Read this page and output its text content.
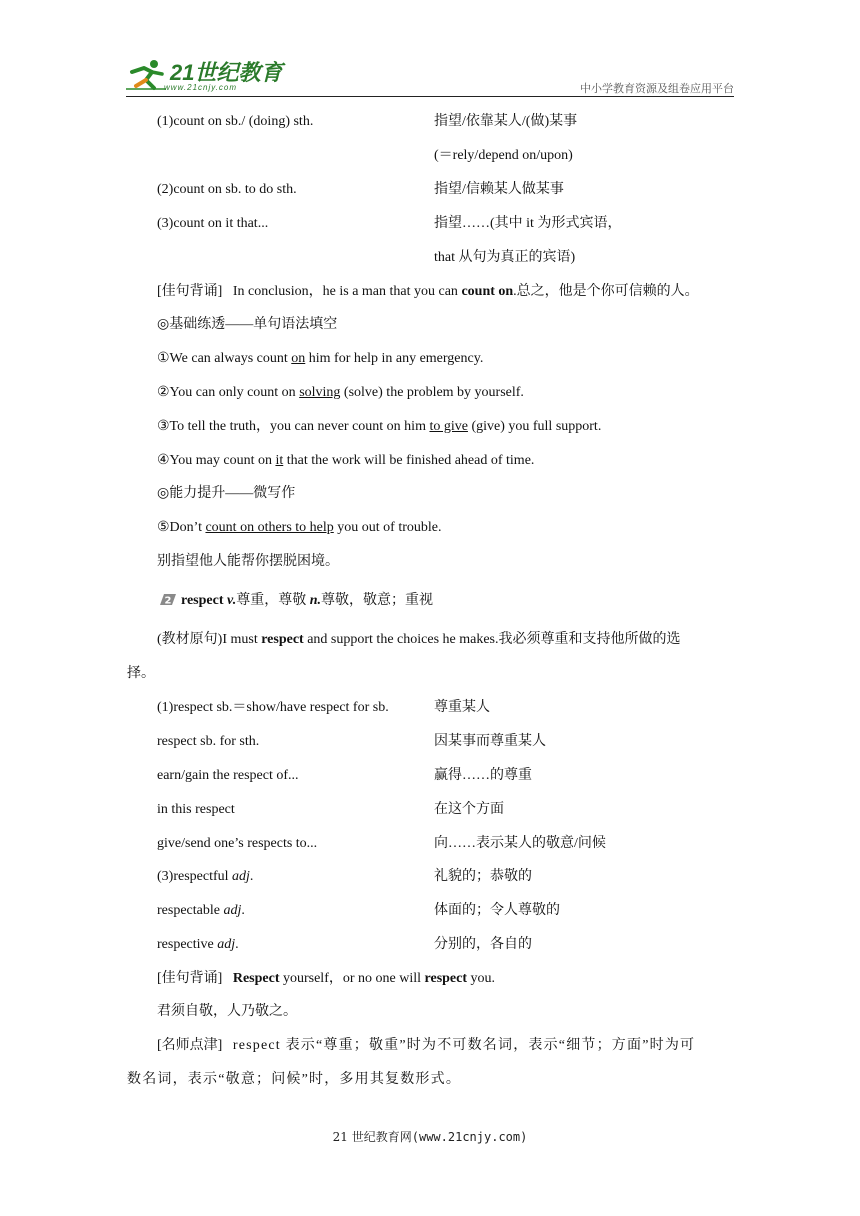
21世纪教育
www.21cnjy.com	中小学教育资源及组卷应用平台
(1)count on sb./ (doing) sth.	指望/依靠某人/(做)某事
(＝rely/depend on/upon)
(2)count on sb. to do sth.	指望/信赖某人做某事
(3)count on it that...	指望……(其中 it 为形式宾语，
that 从句为真正的宾语)
[佳句背诵] In conclusion，he is a man that you can count on.总之，他是个你可信赖的人。
◎基础练透——单句语法填空
①We can always count on him for help in any emergency.
②You can only count on solving (solve) the problem by yourself.
③To tell the truth，you can never count on him to give (give) you full support.
④You may count on it that the work will be finished ahead of time.
◎能力提升——微写作
⑤Don’t count on others to help you out of trouble.
别指望他人能帮你摆脱困境。
2 respect v.尊重，尊敬 n.尊敬，敬意；重视
(教材原句)I must respect and support the choices he makes.我必须尊重和支持他所做的选
择。
(1)respect sb.＝show/have respect for sb.	尊重某人
respect sb. for sth.	因某事而尊重某人
earn/gain the respect of...	赢得……的尊重
in this respect	在这个方面
give/send one’s respects to...	向……表示某人的敬意/问候
(3)respectful adj.	礼貌的；恭敬的
respectable adj.	体面的；令人尊敬的
respective adj.	分别的，各自的
[佳句背诵] Respect yourself，or no one will respect you.
君须自敬，人乃敬之。
[名师点津] respect 表示“尊重；敬重”时为不可数名词，表示“细节；方面”时为可
数名词，表示“敬意；问候”时，多用其复数形式。
21 世纪教育网(www.21cnjy.com)
